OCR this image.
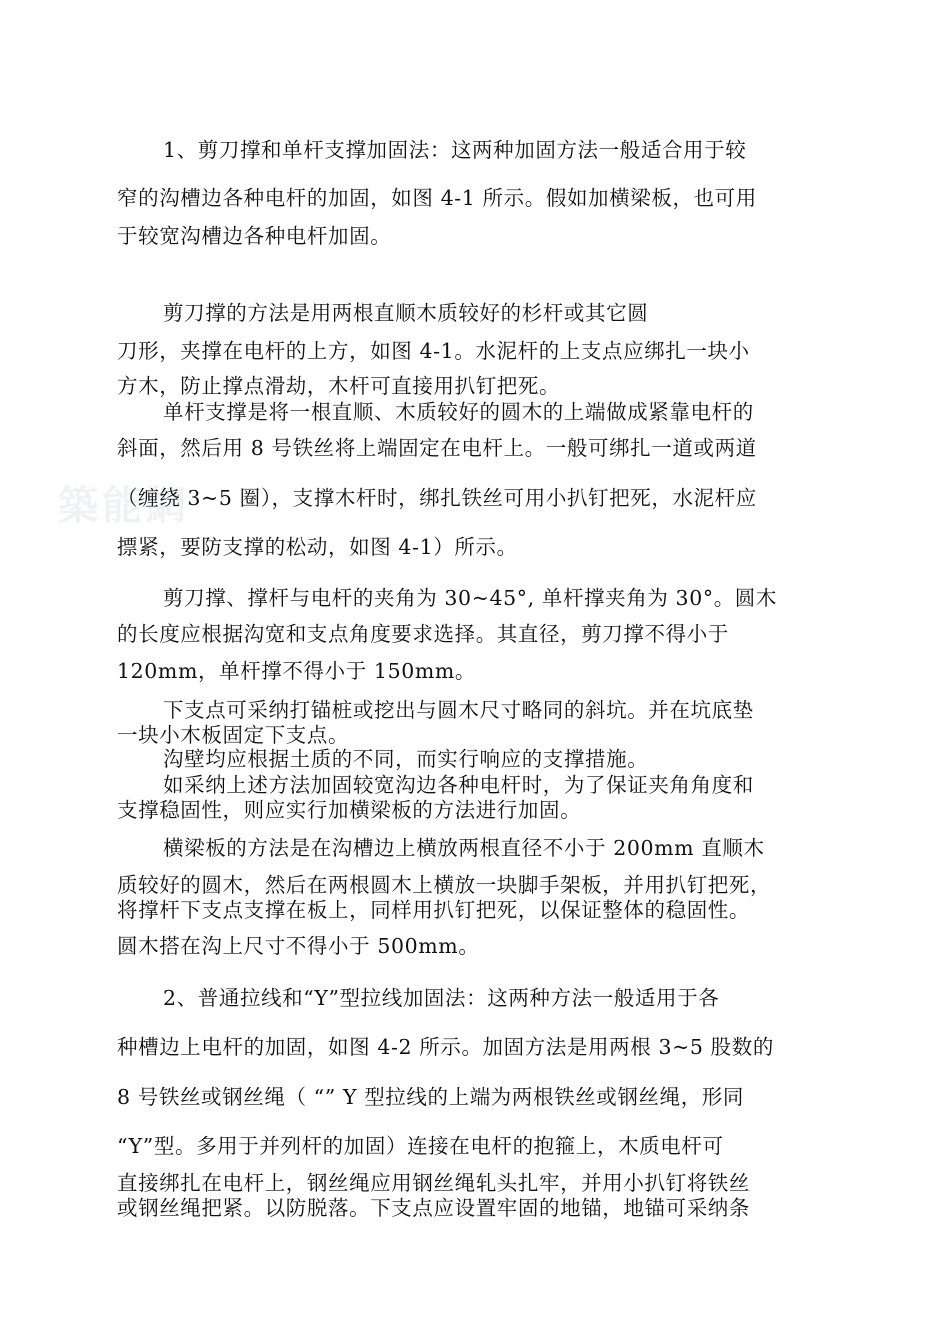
築能網
1、剪刀撑和单杆支撑加固法：这两种加固方法一般适合用于较
窄的沟槽边各种电杆的加固，如图 4-1 所示。假如加横梁板，也可用
于较宽沟槽边各种电杆加固。
剪刀撑的方法是用两根直顺木质较好的杉杆或其它圆
刀形，夹撑在电杆的上方，如图 4-1。水泥杆的上支点应绑扎一块小
方木，防止撑点滑劫，木杆可直接用扒钉把死。
单杆支撑是将一根直顺、木质较好的圆木的上端做成紧靠电杆的
斜面，然后用 8 号铁丝将上端固定在电杆上。一般可绑扎一道或两道
（缠绕 3~5 圈），支撑木杆时，绑扎铁丝可用小扒钉把死，水泥杆应
摽紧，要防支撑的松动，如图 4-1）所示。
剪刀撑、撑杆与电杆的夹角为 30~45°, 单杆撑夹角为 30°。圆木
的长度应根据沟宽和支点角度要求选择。其直径，剪刀撑不得小于
120mm，单杆撑不得小于 150mm。
下支点可采纳打锚桩或挖出与圆木尺寸略同的斜坑。并在坑底垫
一块小木板固定下支点。
沟壁均应根据土质的不同，而实行响应的支撑措施。
如采纳上述方法加固较宽沟边各种电杆时，为了保证夹角角度和
支撑稳固性，则应实行加横梁板的方法进行加固。
横梁板的方法是在沟槽边上横放两根直径不小于 200mm 直顺木
质较好的圆木，然后在两根圆木上横放一块脚手架板，并用扒钉把死，
将撑杆下支点支撑在板上，同样用扒钉把死，以保证整体的稳固性。
圆木搭在沟上尺寸不得小于 500mm。
2、普通拉线和“Y”型拉线加固法：这两种方法一般适用于各
种槽边上电杆的加固，如图 4-2 所示。加固方法是用两根 3~5 股数的
8 号铁丝或钢丝绳（ “” Y 型拉线的上端为两根铁丝或钢丝绳，形同
“Y”型。多用于并列杆的加固）连接在电杆的抱箍上，木质电杆可
直接绑扎在电杆上，钢丝绳应用钢丝绳轧头扎牢，并用小扒钉将铁丝
或钢丝绳把紧。以防脱落。下支点应设置牢固的地锚，地锚可采纳条
